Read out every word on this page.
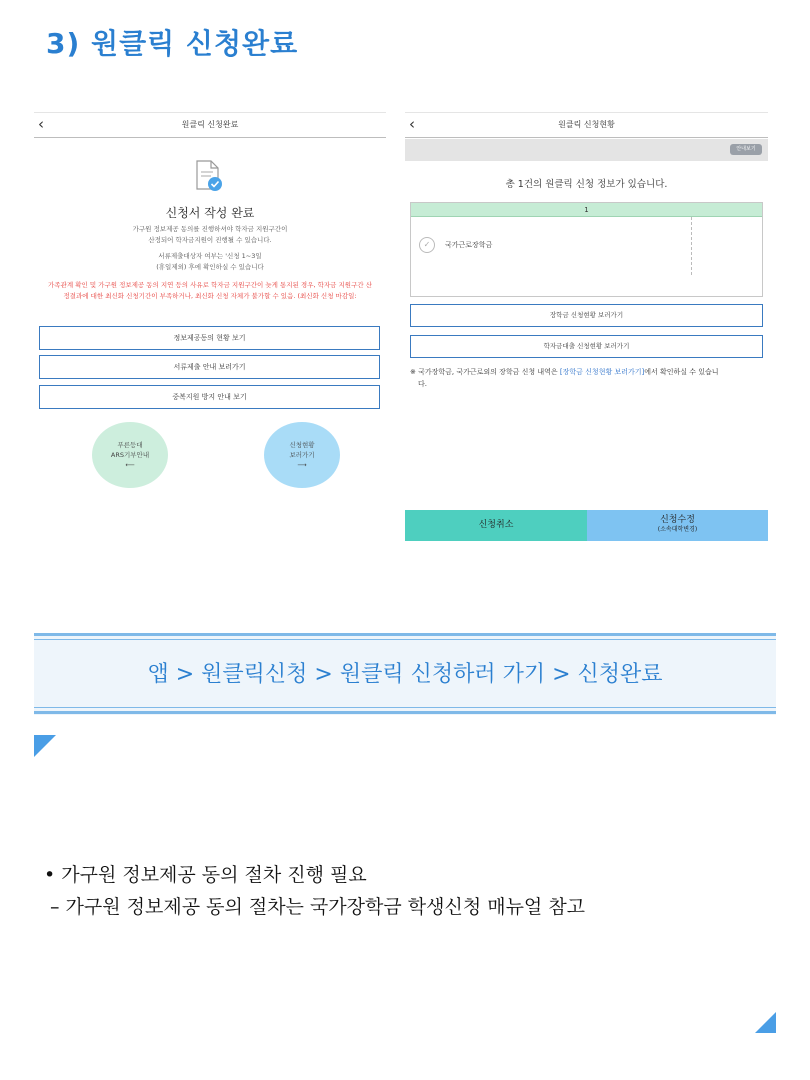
3) 원클릭 신청완료
‹	원클릭 신청완료
신청서 작성 완료
가구원 정보제공 동의를 진행하셔야 학자금 지원구간이
산정되어 학자금지원이 진행될 수 있습니다.
서류제출대상자 여부는 '신청 1~3일
(휴일제외) 후에 확인하실 수 있습니다
가족관계 확인 및 가구원 정보제공 동의 지연 등의 사유로 학자금 지원구간이 늦게 통지된 경우, 학자금 지원구간 산
정결과에 대한 최신화 신청기간이 부족하거나, 최신화 신청 자체가 불가할 수 있음. (최신화 신청 마감일:
정보제공동의 현황 보기
서류제출 안내 보러가기
중복지원 방지 안내 보기
푸른등대
ARS기부안내
⟵
신청현황
보러가기
⟶
‹	원클릭 신청현황
안내보기
총 1건의 원클릭 신청 정보가 있습니다.
1
✓	국가근로장학금
장학금 신청현황 보러가기
학자금대출 신청현황 보러가기
※ 국가장학금, 국가근로외의 장학금 신청 내역은 [장학금 신청현황 보러가기]에서 확인하실 수 있습니
다.
신청취소	신청수정
(소속대학변경)
앱 > 원클릭신청 > 원클릭 신청하러 가기 > 신청완료
• 가구원 정보제공 동의 절차 진행 필요
– 가구원 정보제공 동의 절차는 국가장학금 학생신청 매뉴얼 참고
